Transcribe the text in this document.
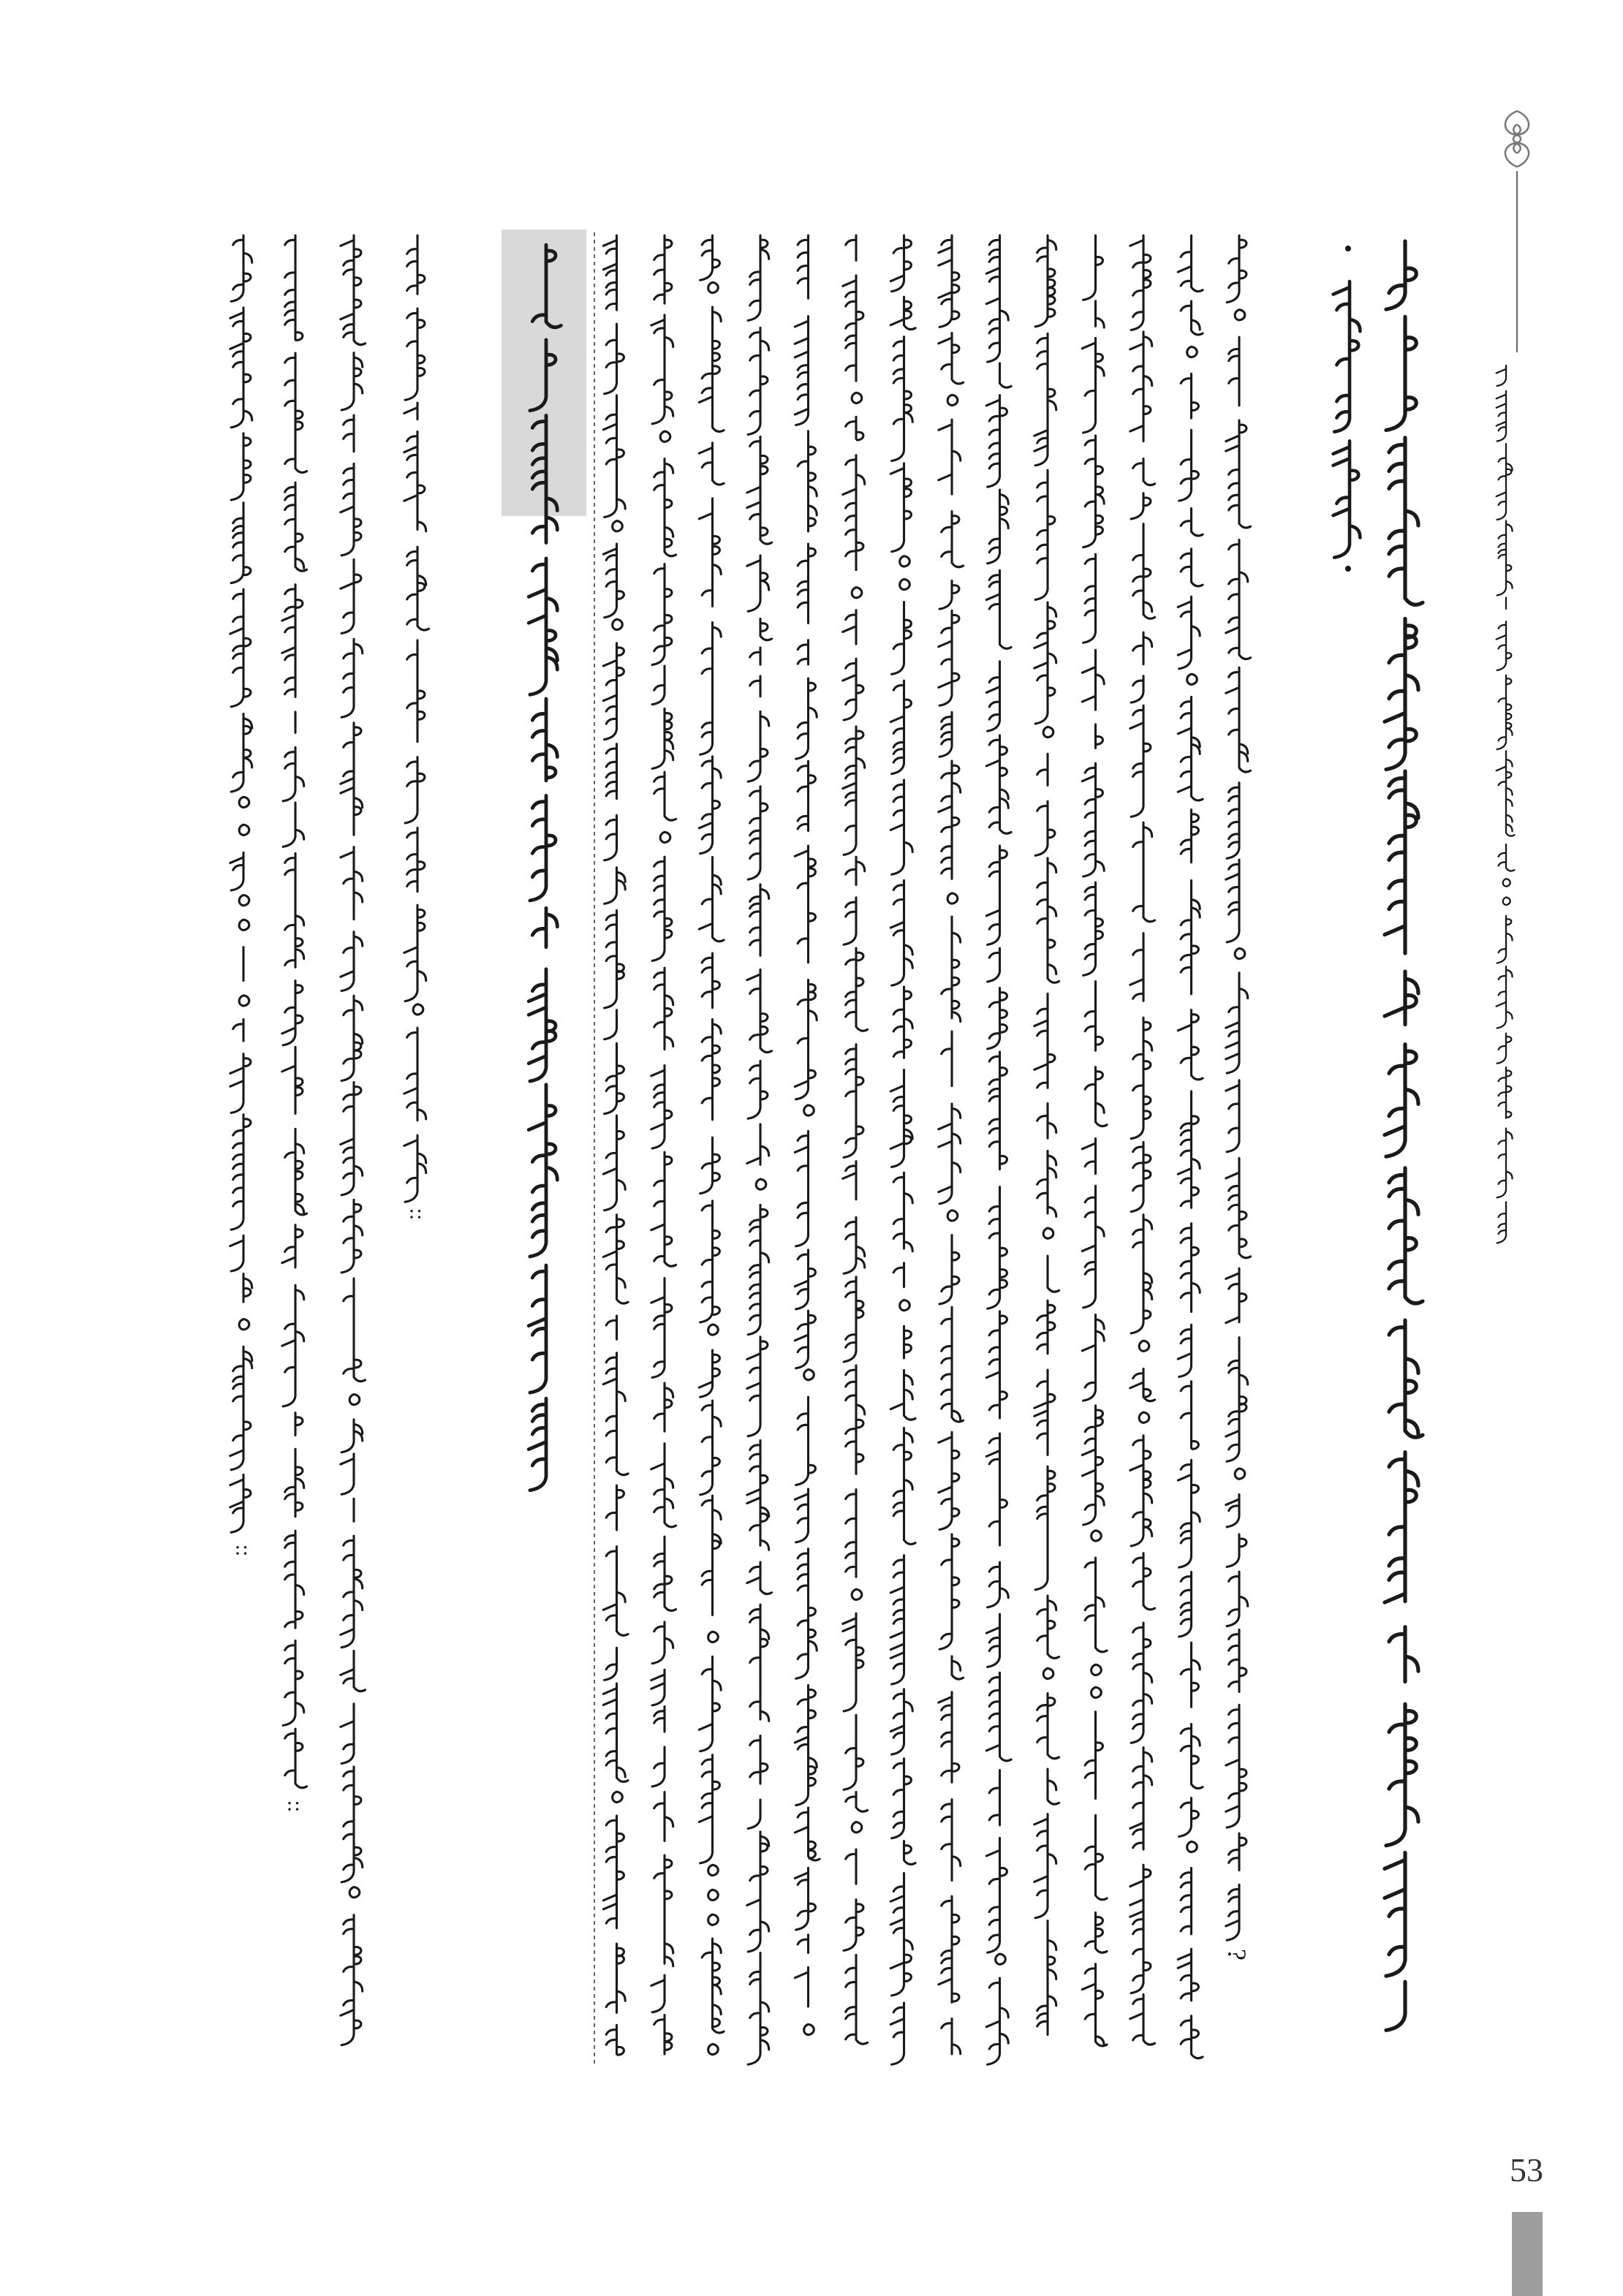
•
•
?
::
::
::
53
